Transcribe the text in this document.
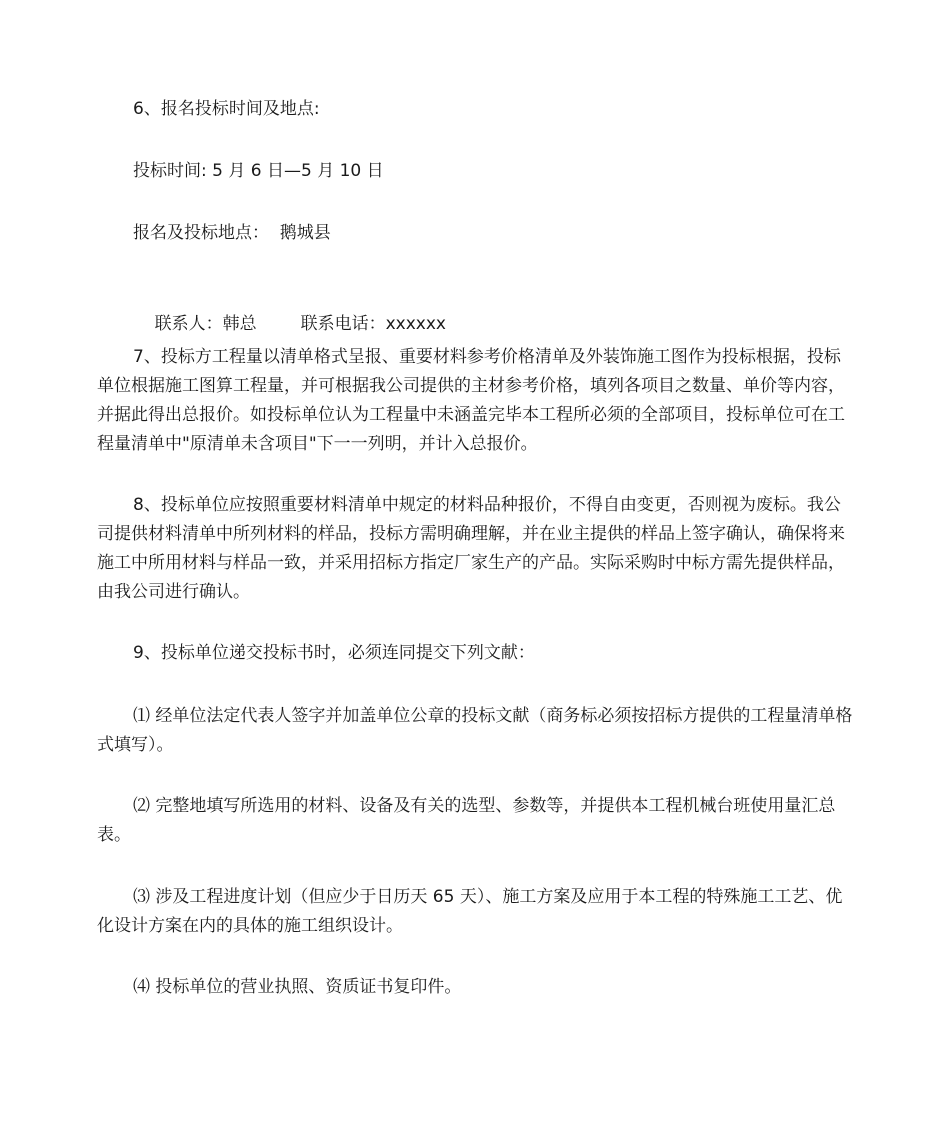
6、报名投标时间及地点:
投标时间: 5 月 6 日—5 月 10 日
报名及投标地点：  鹅城县

联系人：韩总	联系电话：xxxxxx

7、投标方工程量以清单格式呈报、重要材料参考价格清单及外装饰施工图作为投标根据，投标单位根据施工图算工程量，并可根据我公司提供的主材参考价格，填列各项目之数量、单价等内容，并据此得出总报价。如投标单位认为工程量中未涵盖完毕本工程所必须的全部项目，投标单位可在工程量清单中"原清单未含项目"下一一列明，并计入总报价。
8、投标单位应按照重要材料清单中规定的材料品种报价，不得自由变更，否则视为废标。我公司提供材料清单中所列材料的样品，投标方需明确理解，并在业主提供的样品上签字确认，确保将来施工中所用材料与样品一致，并采用招标方指定厂家生产的产品。实际采购时中标方需先提供样品，由我公司进行确认。
9、投标单位递交投标书时，必须连同提交下列文献：
⑴ 经单位法定代表人签字并加盖单位公章的投标文献（商务标必须按招标方提供的工程量清单格式填写）。
⑵ 完整地填写所选用的材料、设备及有关的选型、参数等，并提供本工程机械台班使用量汇总表。
⑶ 涉及工程进度计划（但应少于日历天 65 天）、施工方案及应用于本工程的特殊施工工艺、优化设计方案在内的具体的施工组织设计。
⑷ 投标单位的营业执照、资质证书复印件。
